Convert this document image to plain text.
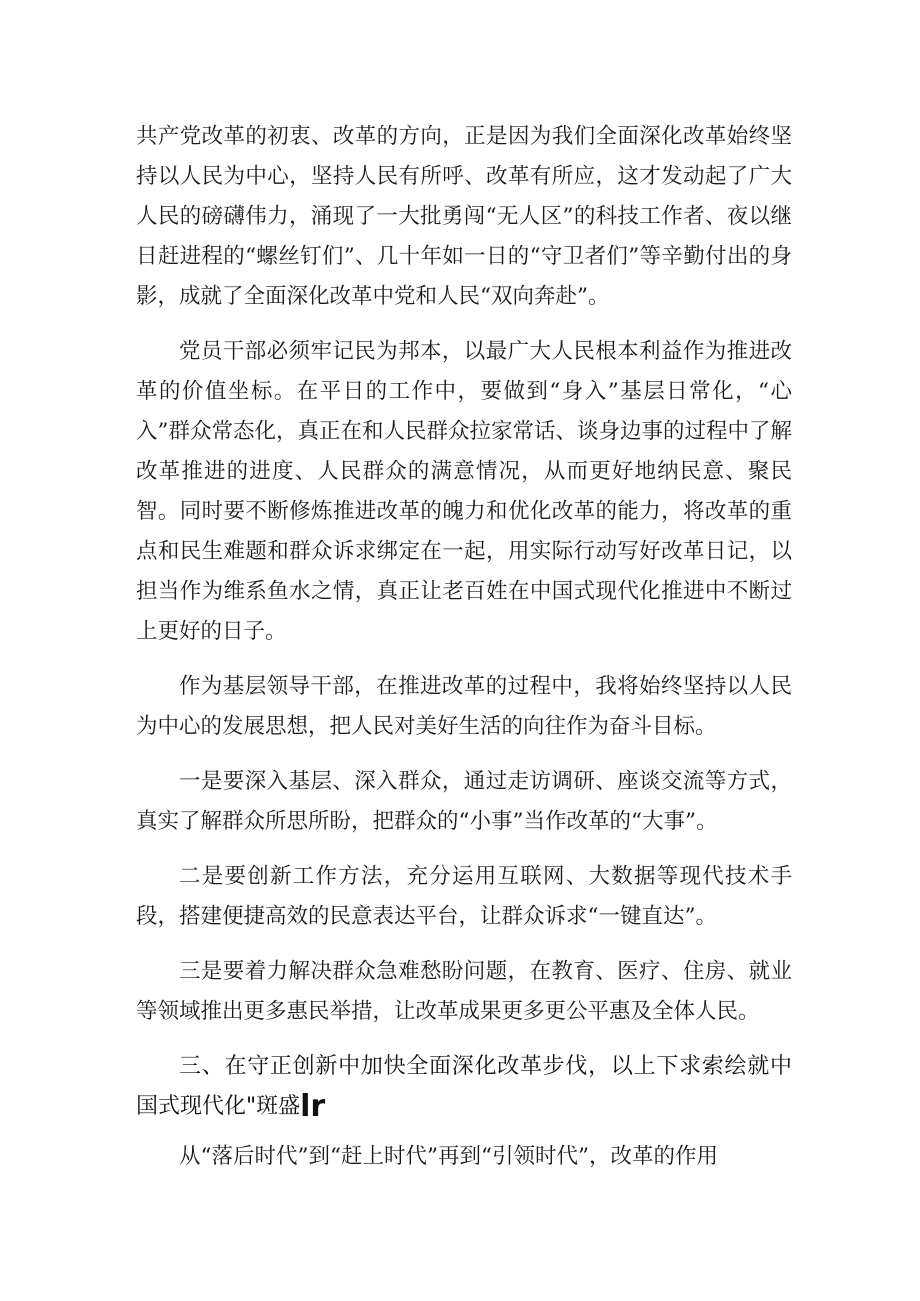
共产党改革的初衷、改革的方向，正是因为我们全面深化改革始终坚持以人民为中心，坚持人民有所呼、改革有所应，这才发动起了广大人民的磅礴伟力，涌现了一大批勇闯“无人区”的科技工作者、夜以继日赶进程的“螺丝钉们”、几十年如一日的“守卫者们”等辛勤付出的身影，成就了全面深化改革中党和人民“双向奔赴”。

党员干部必须牢记民为邦本，以最广大人民根本利益作为推进改革的价值坐标。在平日的工作中，要做到“身入”基层日常化，“心入”群众常态化，真正在和人民群众拉家常话、谈身边事的过程中了解改革推进的进度、人民群众的满意情况，从而更好地纳民意、聚民智。同时要不断修炼推进改革的魄力和优化改革的能力，将改革的重点和民生难题和群众诉求绑定在一起，用实际行动写好改革日记，以担当作为维系鱼水之情，真正让老百姓在中国式现代化推进中不断过上更好的日子。

作为基层领导干部，在推进改革的过程中，我将始终坚持以人民为中心的发展思想，把人民对美好生活的向往作为奋斗目标。

一是要深入基层、深入群众，通过走访调研、座谈交流等方式，真实了解群众所思所盼，把群众的“小事”当作改革的“大事”。

二是要创新工作方法，充分运用互联网、大数据等现代技术手段，搭建便捷高效的民意表达平台，让群众诉求“一键直达”。

三是要着力解决群众急难愁盼问题，在教育、医疗、住房、就业等领域推出更多惠民举措，让改革成果更多更公平惠及全体人民。

三、在守正创新中加快全面深化改革步伐，以上下求索绘就中国式现代化"斑盛lr

从“落后时代”到“赶上时代”再到“引领时代”，改革的作用
